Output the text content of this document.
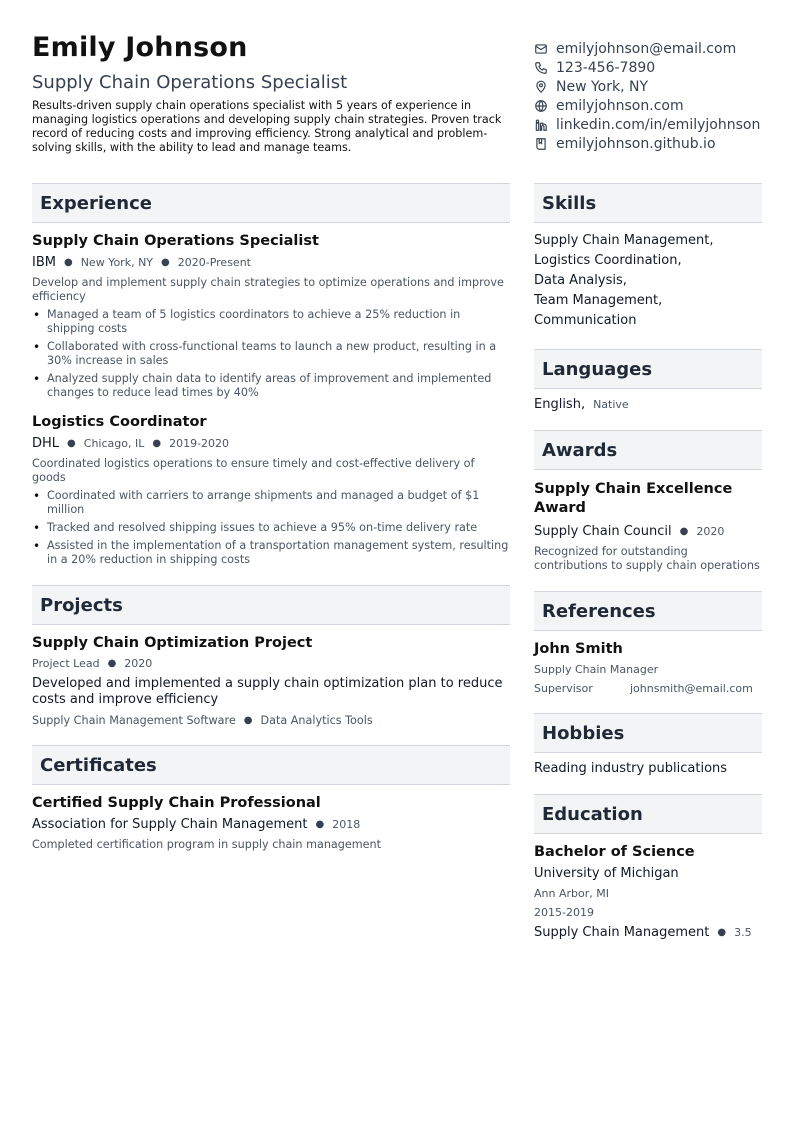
Emily Johnson
Supply Chain Operations Specialist
Results-driven supply chain operations specialist with 5 years of experience in managing logistics operations and developing supply chain strategies. Proven track record of reducing costs and improving efficiency. Strong analytical and problem-solving skills, with the ability to lead and manage teams.
emilyjohnson@email.com
123-456-7890
New York, NY
emilyjohnson.com
linkedin.com/in/emilyjohnson
emilyjohnson.github.io
Experience
Supply Chain Operations Specialist
IBM ● New York, NY ● 2020-Present
Develop and implement supply chain strategies to optimize operations and improve efficiency
• Managed a team of 5 logistics coordinators to achieve a 25% reduction in shipping costs
• Collaborated with cross-functional teams to launch a new product, resulting in a 30% increase in sales
• Analyzed supply chain data to identify areas of improvement and implemented changes to reduce lead times by 40%
Logistics Coordinator
DHL ● Chicago, IL ● 2019-2020
Coordinated logistics operations to ensure timely and cost-effective delivery of goods
• Coordinated with carriers to arrange shipments and managed a budget of $1 million
• Tracked and resolved shipping issues to achieve a 95% on-time delivery rate
• Assisted in the implementation of a transportation management system, resulting in a 20% reduction in shipping costs
Projects
Supply Chain Optimization Project
Project Lead ● 2020
Developed and implemented a supply chain optimization plan to reduce costs and improve efficiency
Supply Chain Management Software ● Data Analytics Tools
Certificates
Certified Supply Chain Professional
Association for Supply Chain Management ● 2018
Completed certification program in supply chain management
Skills
Supply Chain Management,
Logistics Coordination,
Data Analysis,
Team Management,
Communication
Languages
English, Native
Awards
Supply Chain Excellence Award
Supply Chain Council ● 2020
Recognized for outstanding contributions to supply chain operations
References
John Smith
Supply Chain Manager
Supervisor	johnsmith@email.com
Hobbies
Reading industry publications
Education
Bachelor of Science
University of Michigan
Ann Arbor, MI
2015-2019
Supply Chain Management ● 3.5
